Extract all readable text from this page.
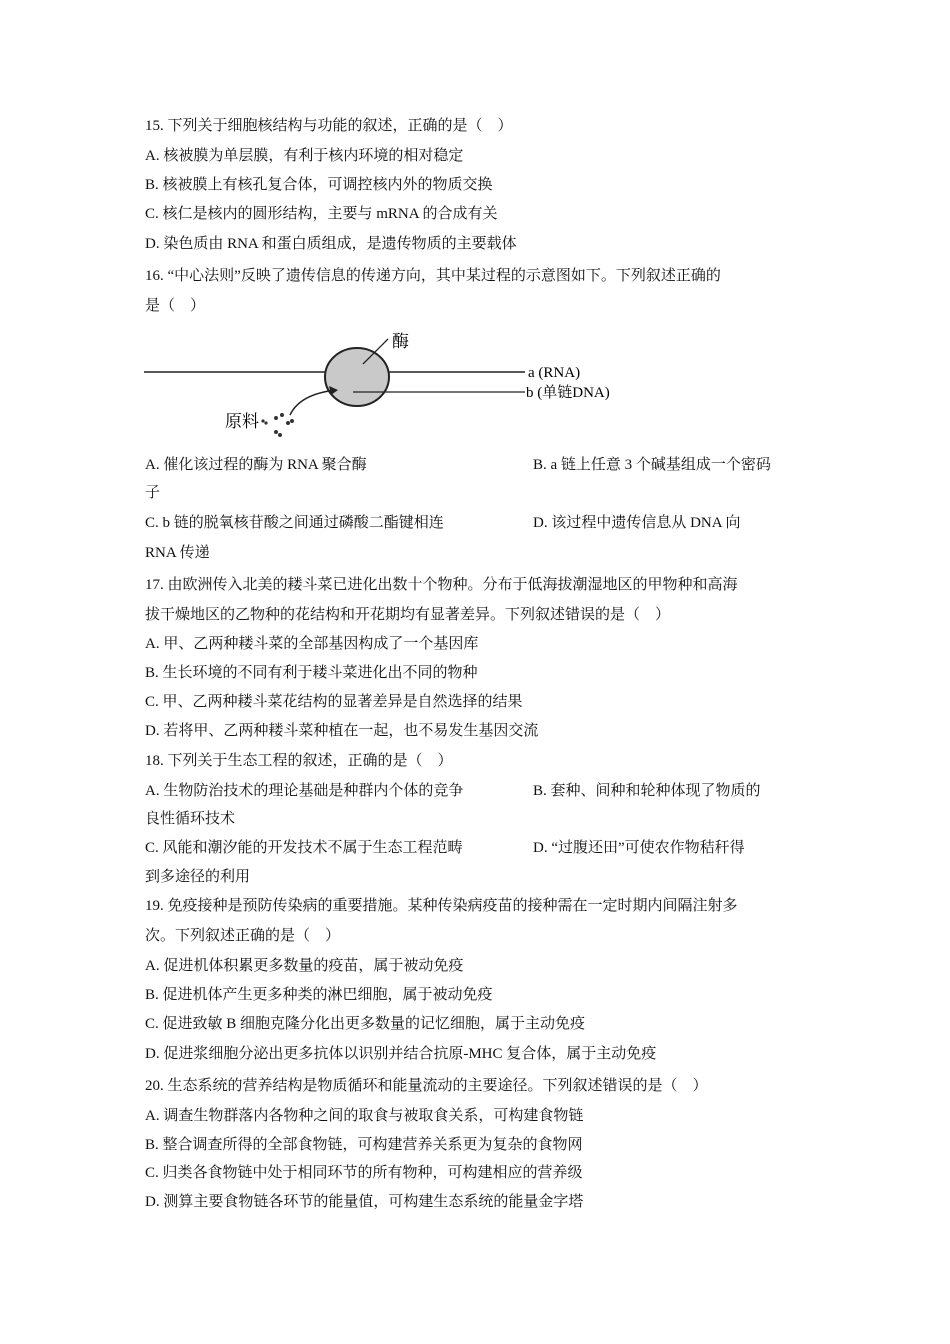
15. 下列关于细胞核结构与功能的叙述，正确的是（　）
A. 核被膜为单层膜，有利于核内环境的相对稳定
B. 核被膜上有核孔复合体，可调控核内外的物质交换
C. 核仁是核内的圆形结构，主要与 mRNA 的合成有关
D. 染色质由 RNA 和蛋白质组成，是遗传物质的主要载体
16. “中心法则”反映了遗传信息的传递方向，其中某过程的示意图如下。下列叙述正确的
是（　）
酶
a (RNA)
b (单链DNA)
原料
A. 催化该过程的酶为 RNA 聚合酶	B. a 链上任意 3 个碱基组成一个密码
子
C. b 链的脱氧核苷酸之间通过磷酸二酯键相连	D. 该过程中遗传信息从 DNA 向
RNA 传递
17. 由欧洲传入北美的耧斗菜已进化出数十个物种。分布于低海拔潮湿地区的甲物种和高海
拔干燥地区的乙物种的花结构和开花期均有显著差异。下列叙述错误的是（　）
A. 甲、乙两种耧斗菜的全部基因构成了一个基因库
B. 生长环境的不同有利于耧斗菜进化出不同的物种
C. 甲、乙两种耧斗菜花结构的显著差异是自然选择的结果
D. 若将甲、乙两种耧斗菜种植在一起，也不易发生基因交流
18. 下列关于生态工程的叙述，正确的是（　）
A. 生物防治技术的理论基础是种群内个体的竞争	B. 套种、间种和轮种体现了物质的
良性循环技术
C. 风能和潮汐能的开发技术不属于生态工程范畴	D. “过腹还田”可使农作物秸秆得
到多途径的利用
19. 免疫接种是预防传染病的重要措施。某种传染病疫苗的接种需在一定时期内间隔注射多
次。下列叙述正确的是（　）
A. 促进机体积累更多数量的疫苗，属于被动免疫
B. 促进机体产生更多种类的淋巴细胞，属于被动免疫
C. 促进致敏 B 细胞克隆分化出更多数量的记忆细胞，属于主动免疫
D. 促进浆细胞分泌出更多抗体以识别并结合抗原-MHC 复合体，属于主动免疫
20. 生态系统的营养结构是物质循环和能量流动的主要途径。下列叙述错误的是（　）
A. 调查生物群落内各物种之间的取食与被取食关系，可构建食物链
B. 整合调查所得的全部食物链，可构建营养关系更为复杂的食物网
C. 归类各食物链中处于相同环节的所有物种，可构建相应的营养级
D. 测算主要食物链各环节的能量值，可构建生态系统的能量金字塔
